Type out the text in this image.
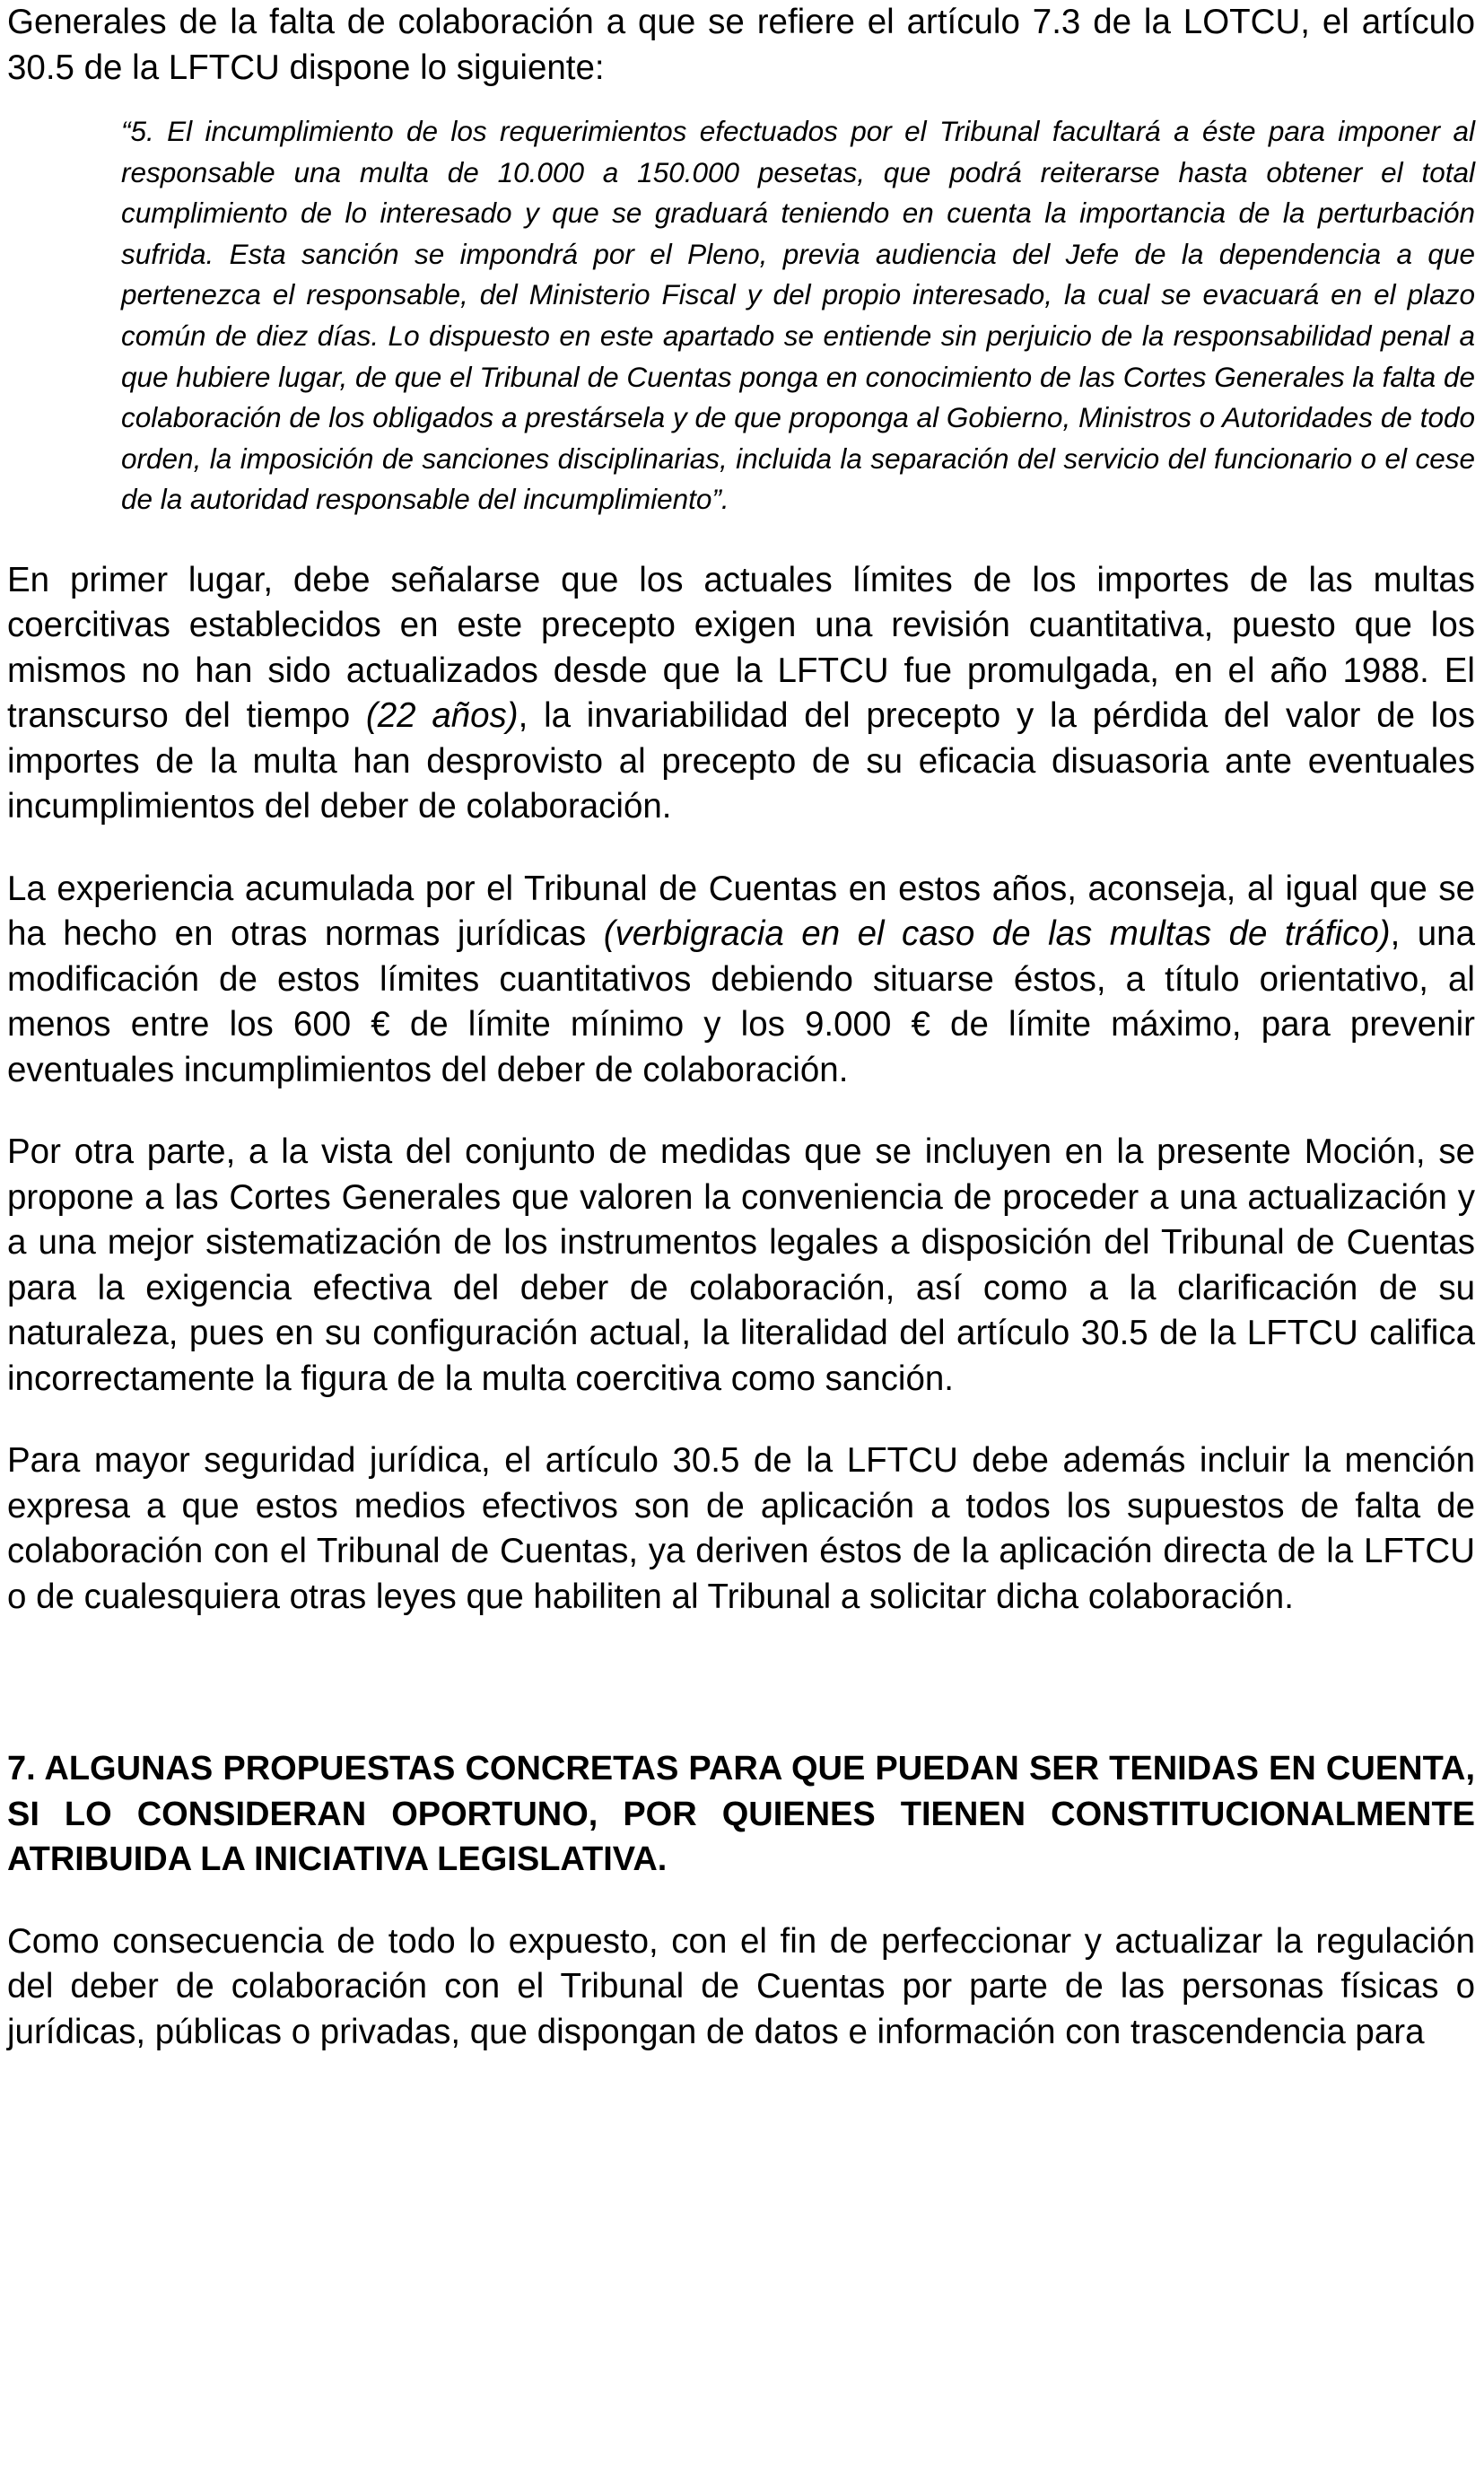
Generales de la falta de colaboración a que se refiere el artículo 7.3 de la LOTCU, el artículo 30.5 de la LFTCU dispone lo siguiente:

“5. El incumplimiento de los requerimientos efectuados por el Tribunal facultará a éste para imponer al responsable una multa de 10.000 a 150.000 pesetas, que podrá reiterarse hasta obtener el total cumplimiento de lo interesado y que se graduará teniendo en cuenta la importancia de la perturbación sufrida. Esta sanción se impondrá por el Pleno, previa audiencia del Jefe de la dependencia a que pertenezca el responsable, del Ministerio Fiscal y del propio interesado, la cual se evacuará en el plazo común de diez días. Lo dispuesto en este apartado se entiende sin perjuicio de la responsabilidad penal a que hubiere lugar, de que el Tribunal de Cuentas ponga en conocimiento de las Cortes Generales la falta de colaboración de los obligados a prestársela y de que proponga al Gobierno, Ministros o Autoridades de todo orden, la imposición de sanciones disciplinarias, incluida la separación del servicio del funcionario o el cese de la autoridad responsable del incumplimiento”.

En primer lugar, debe señalarse que los actuales límites de los importes de las multas coercitivas establecidos en este precepto exigen una revisión cuantitativa, puesto que los mismos no han sido actualizados desde que la LFTCU fue promulgada, en el año 1988. El transcurso del tiempo (22 años), la invariabilidad del precepto y la pérdida del valor de los importes de la multa han desprovisto al precepto de su eficacia disuasoria ante eventuales incumplimientos del deber de colaboración.

La experiencia acumulada por el Tribunal de Cuentas en estos años, aconseja, al igual que se ha hecho en otras normas jurídicas (verbigracia en el caso de las multas de tráfico), una modificación de estos límites cuantitativos debiendo situarse éstos, a título orientativo, al menos entre los 600 € de límite mínimo y los 9.000 € de límite máximo, para prevenir eventuales incumplimientos del deber de colaboración.

Por otra parte, a la vista del conjunto de medidas que se incluyen en la presente Moción, se propone a las Cortes Generales que valoren la conveniencia de proceder a una actualización y a una mejor sistematización de los instrumentos legales a disposición del Tribunal de Cuentas para la exigencia efectiva del deber de colaboración, así como a la clarificación de su naturaleza, pues en su configuración actual, la literalidad del artículo 30.5 de la LFTCU califica incorrectamente la figura de la multa coercitiva como sanción.

Para mayor seguridad jurídica, el artículo 30.5 de la LFTCU debe además incluir la mención expresa a que estos medios efectivos son de aplicación a todos los supuestos de falta de colaboración con el Tribunal de Cuentas, ya deriven éstos de la aplicación directa de la LFTCU o de cualesquiera otras leyes que habiliten al Tribunal a solicitar dicha colaboración.

7. ALGUNAS PROPUESTAS CONCRETAS PARA QUE PUEDAN SER TENIDAS EN CUENTA, SI LO CONSIDERAN OPORTUNO, POR QUIENES TIENEN CONSTITUCIONALMENTE ATRIBUIDA LA INICIATIVA LEGISLATIVA.

Como consecuencia de todo lo expuesto, con el fin de perfeccionar y actualizar la regulación del deber de colaboración con el Tribunal de Cuentas por parte de las personas físicas o jurídicas, públicas o privadas, que dispongan de datos e información con trascendencia para
